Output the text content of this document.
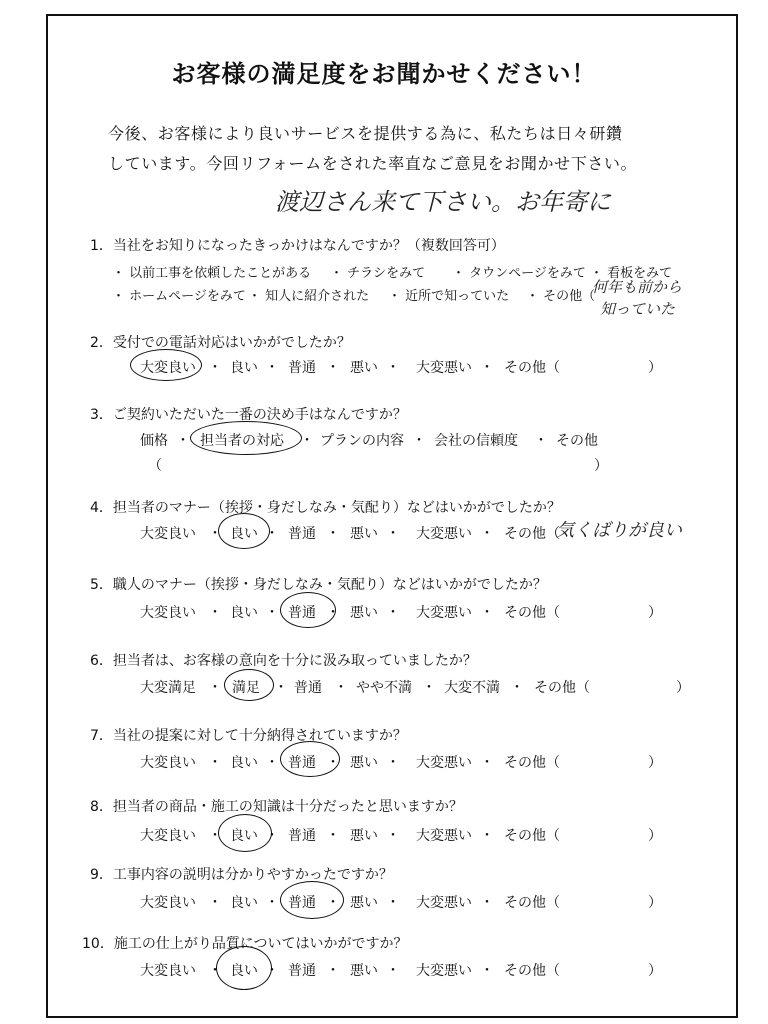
お客様の満足度をお聞かせください！
今後、お客様により良いサービスを提供する為に、私たちは日々研鑽
しています。今回リフォームをされた率直なご意見をお聞かせ下さい。
渡辺さん来て下さい。お年寄に
1．当社をお知りになったきっかけはなんですか？（複数回答可）
・ 以前工事を依頼したことがある ・ チラシをみて ・ タウンページをみて ・ 看板をみて
・ ホームページをみて ・ 知人に紹介された ・ 近所で知っていた ・ その他（
何年も前から
知っていた
2．受付での電話対応はいかがでしたか？
大変良い ・ 良い ・ 普通 ・ 悪い ・ 大変悪い ・ その他（	）
3．ご契約いただいた一番の決め手はなんですか？
価格 ・ 担当者の対応 ・ プランの内容 ・ 会社の信頼度 ・ その他
（	）
4．担当者のマナー（挨拶・身だしなみ・気配り）などはいかがでしたか？
大変良い ・ 良い ・ 普通 ・ 悪い ・ 大変悪い ・ その他（
気くばりが良い
5．職人のマナー（挨拶・身だしなみ・気配り）などはいかがでしたか？
大変良い ・ 良い ・ 普通 ・ 悪い ・ 大変悪い ・ その他（	）
6．担当者は、お客様の意向を十分に汲み取っていましたか？
大変満足 ・ 満足 ・ 普通 ・ やや不満 ・ 大変不満 ・ その他（	）
7．当社の提案に対して十分納得されていますか？
大変良い ・ 良い ・ 普通 ・ 悪い ・ 大変悪い ・ その他（	）
8．担当者の商品・施工の知識は十分だったと思いますか？
大変良い ・ 良い ・ 普通 ・ 悪い ・ 大変悪い ・ その他（	）
9．工事内容の説明は分かりやすかったですか？
大変良い ・ 良い ・ 普通 ・ 悪い ・ 大変悪い ・ その他（	）
10．施工の仕上がり品質についてはいかがですか？
大変良い ・ 良い ・ 普通 ・ 悪い ・ 大変悪い ・ その他（	）
